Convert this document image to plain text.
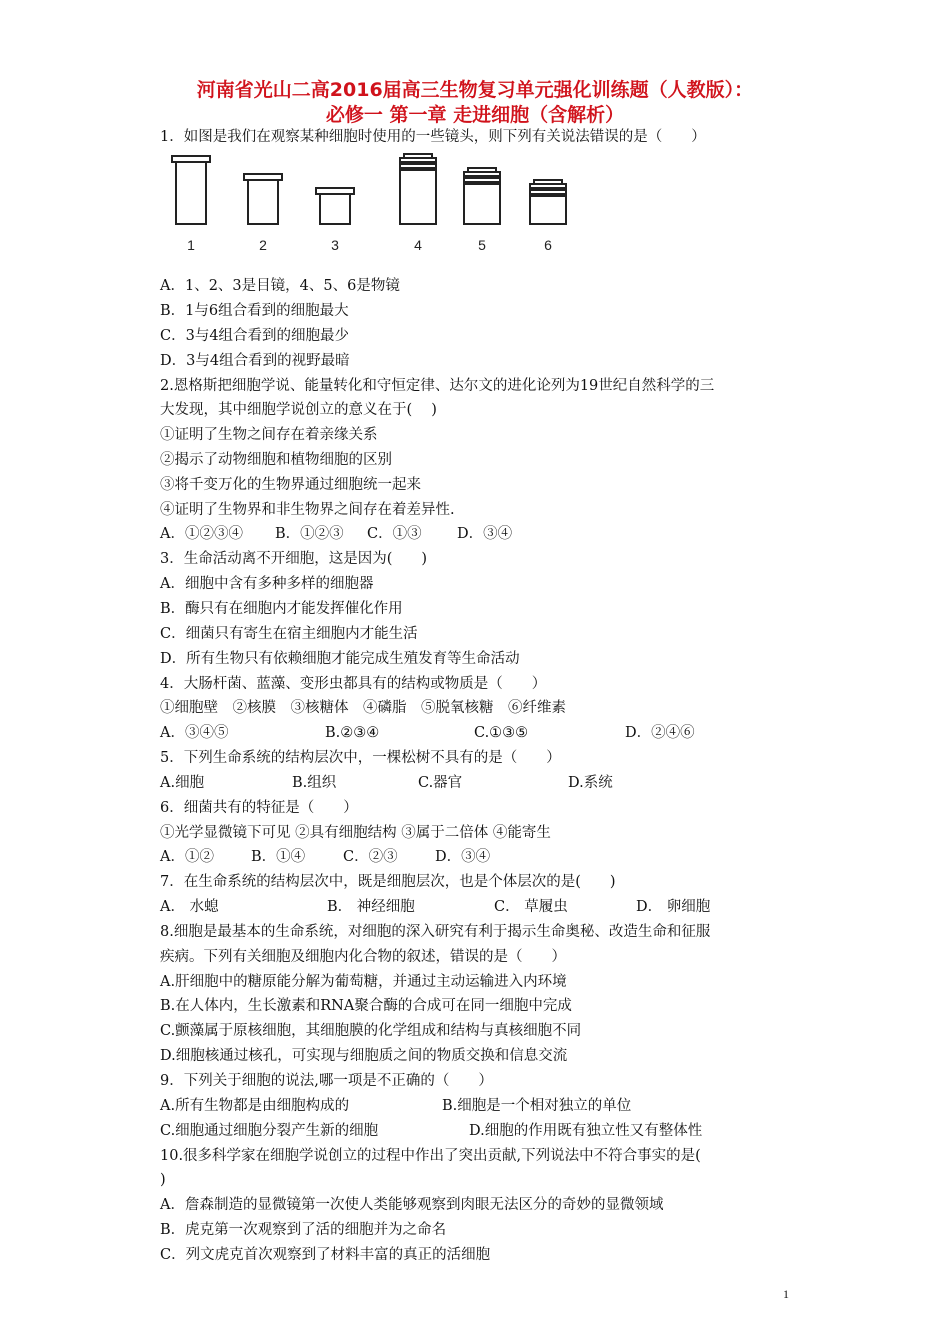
河南省光山二高2016届高三生物复习单元强化训练题（人教版）：
必修一 第一章 走进细胞（含解析）
1．如图是我们在观察某种细胞时使用的一些镜头，则下列有关说法错误的是（　　）
1	2	3	4	5	6
A．1、2、3是目镜，4、5、6是物镜
B．1与6组合看到的细胞最大
C．3与4组合看到的细胞最少
D．3与4组合看到的视野最暗
2.恩格斯把细胞学说、能量转化和守恒定律、达尔文的进化论列为19世纪自然科学的三
大发现，其中细胞学说创立的意义在于(　 )
①证明了生物之间存在着亲缘关系
②揭示了动物细胞和植物细胞的区别
③将千变万化的生物界通过细胞统一起来
④证明了生物界和非生物界之间存在着差异性.
A．①②③④ B．①②③ C．①③ D．③④
3．生命活动离不开细胞，这是因为(　　)
A．细胞中含有多种多样的细胞器
B．酶只有在细胞内才能发挥催化作用
C．细菌只有寄生在宿主细胞内才能生活
D．所有生物只有依赖细胞才能完成生殖发育等生命活动
4．大肠杆菌、蓝藻、变形虫都具有的结构或物质是（　　）
①细胞壁　②核膜　③核糖体　④磷脂　⑤脱氧核糖　⑥纤维素
A．③④⑤	B.②③④	C.①③⑤	D．②④⑥
5．下列生命系统的结构层次中，一棵松树不具有的是（　　）
A.细胞	B.组织	C.器官	D.系统
6．细菌共有的特征是（　　）
①光学显微镜下可见 ②具有细胞结构 ③属于二倍体 ④能寄生
A．①②	B．①④	C．②③	D．③④
7．在生命系统的结构层次中，既是细胞层次，也是个体层次的是(　　)
A． 水螅	B． 神经细胞	C． 草履虫	D． 卵细胞
8.细胞是最基本的生命系统，对细胞的深入研究有利于揭示生命奥秘、改造生命和征服
疾病。下列有关细胞及细胞内化合物的叙述，错误的是（　　）
A.肝细胞中的糖原能分解为葡萄糖，并通过主动运输进入内环境
B.在人体内，生长激素和RNA聚合酶的合成可在同一细胞中完成
C.颤藻属于原核细胞，其细胞膜的化学组成和结构与真核细胞不同
D.细胞核通过核孔，可实现与细胞质之间的物质交换和信息交流
9．下列关于细胞的说法,哪一项是不正确的（　　）
A.所有生物都是由细胞构成的	B.细胞是一个相对独立的单位
C.细胞通过细胞分裂产生新的细胞	D.细胞的作用既有独立性又有整体性
10.很多科学家在细胞学说创立的过程中作出了突出贡献,下列说法中不符合事实的是(
)
A．詹森制造的显微镜第一次使人类能够观察到肉眼无法区分的奇妙的显微领域
B．虎克第一次观察到了活的细胞并为之命名
C．列文虎克首次观察到了材料丰富的真正的活细胞
1
